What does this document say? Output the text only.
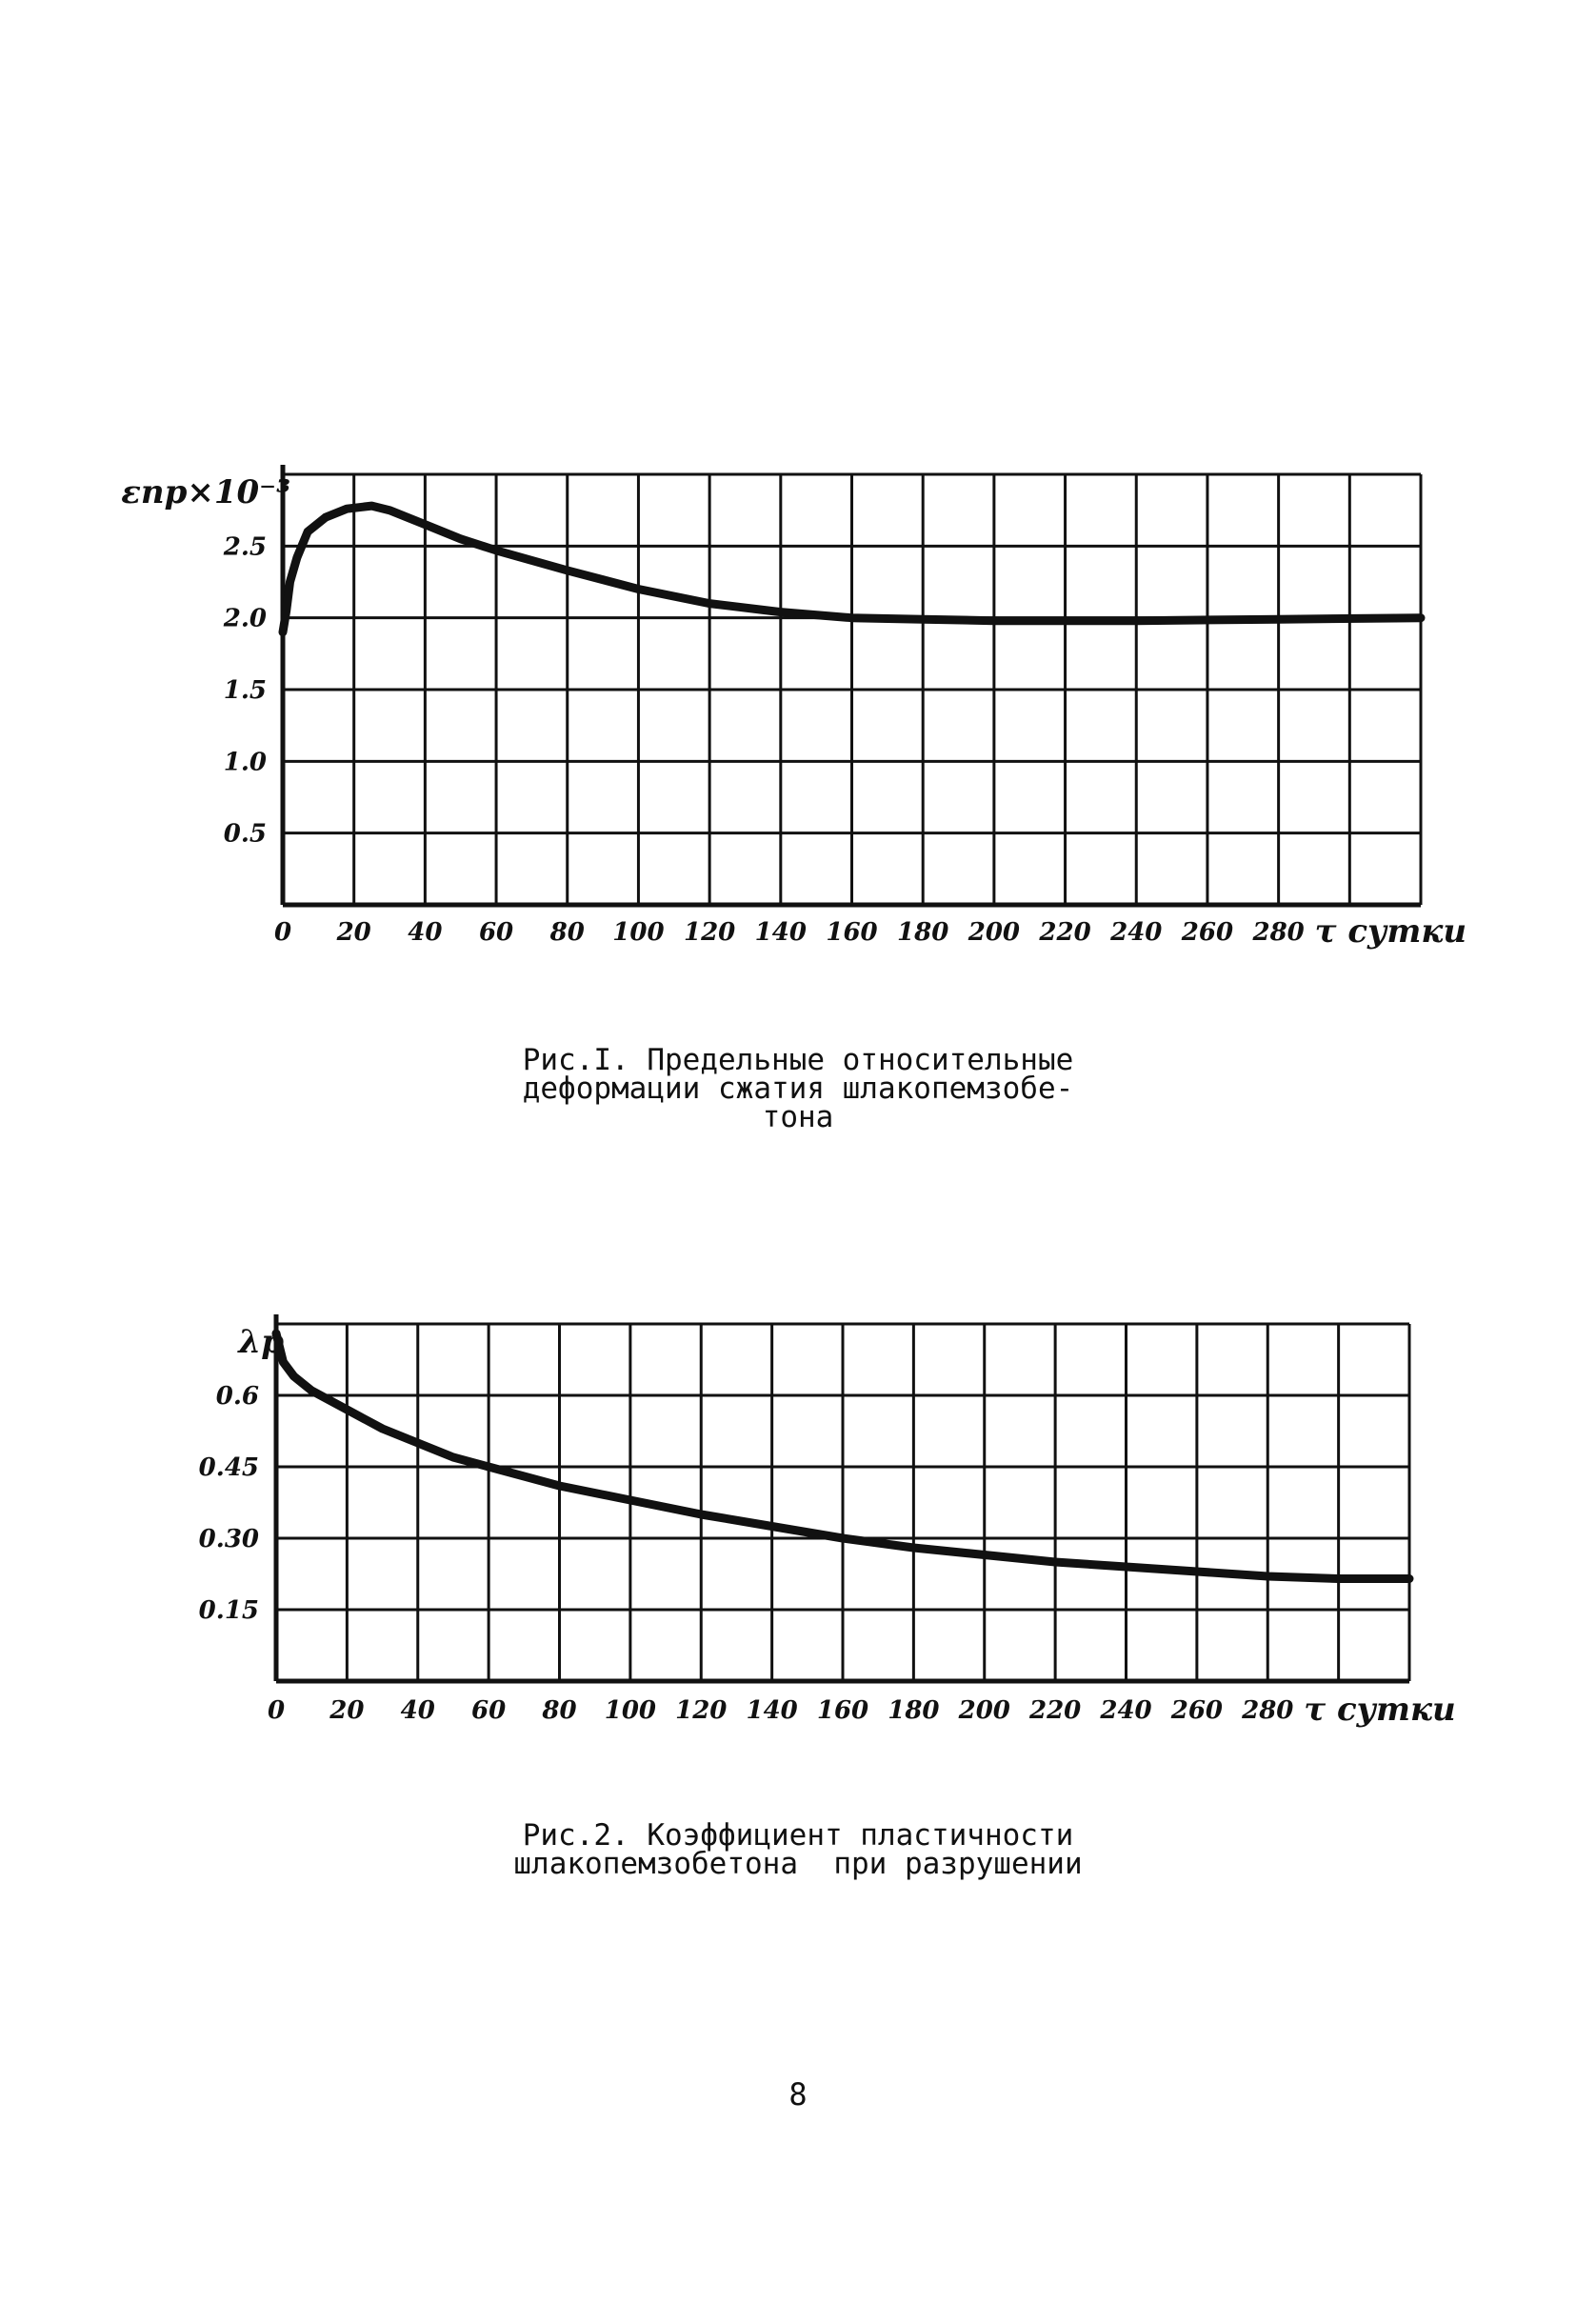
0 20 40 60 80 100 120 140 160 180 200 220 240 260 280 τ сутки
0.5
1.0
1.5
2.0
2.5
εпр×10⁻³
Рис.I. Предельные относительные
деформации сжатия шлакопемзобе-
тона
0 20 40 60 80 100 120 140 160 180 200 220 240 260 280 τ сутки
0.15
0.30
0.45
0.6
λp
Рис.2. Коэффициент пластичности
шлакопемзобетона  при разрушении
8
